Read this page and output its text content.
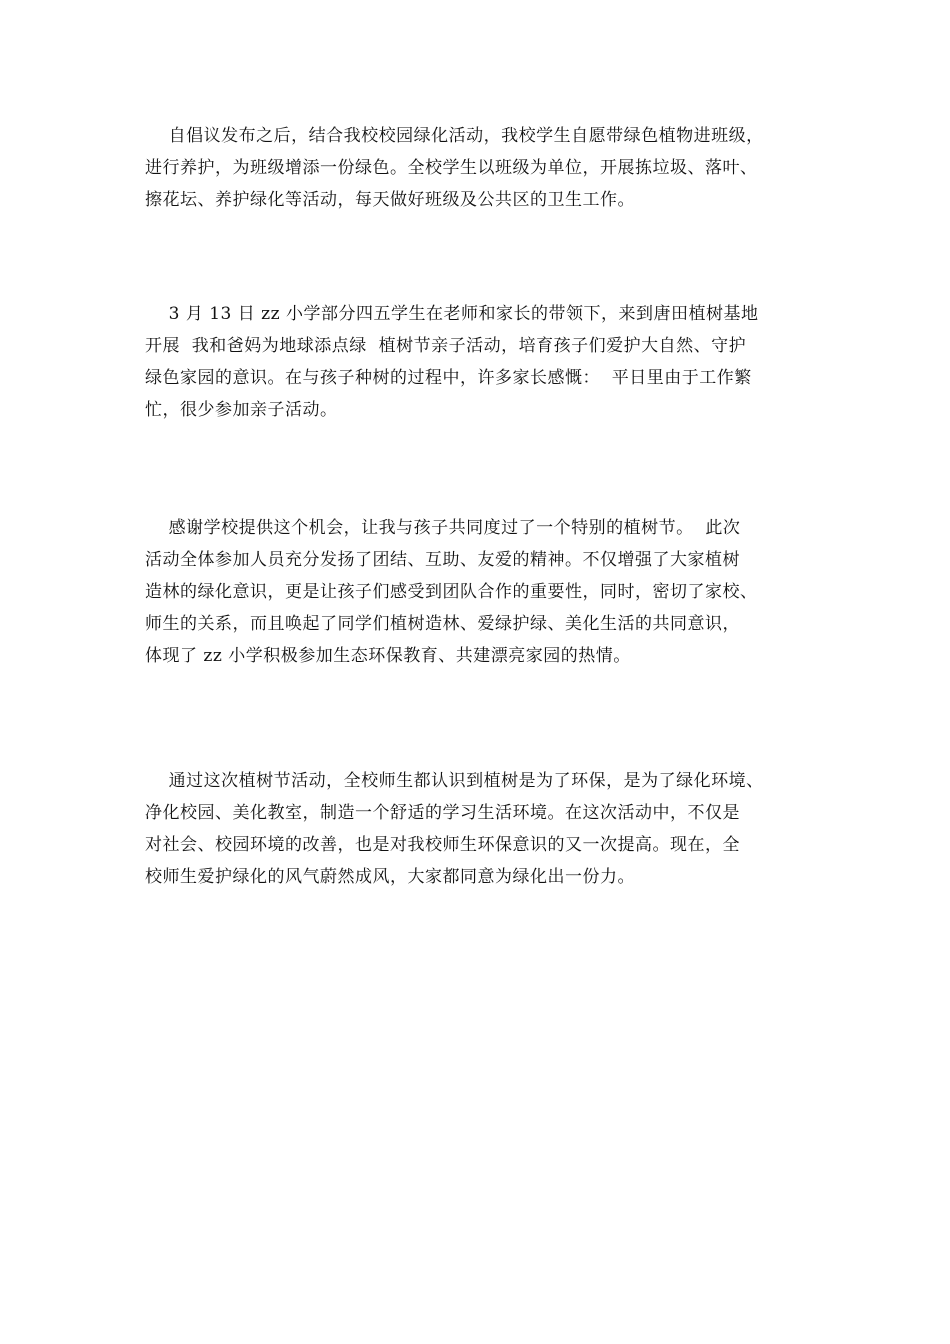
自倡议发布之后，结合我校校园绿化活动，我校学生自愿带绿色植物进班级，
进行养护，为班级增添一份绿色。全校学生以班级为单位，开展拣垃圾、落叶、
擦花坛、养护绿化等活动，每天做好班级及公共区的卫生工作。
3 月 13 日 zz 小学部分四五学生在老师和家长的带领下，来到唐田植树基地
开展  我和爸妈为地球添点绿  植树节亲子活动，培育孩子们爱护大自然、守护
绿色家园的意识。在与孩子种树的过程中，许多家长感慨：  平日里由于工作繁
忙，很少参加亲子活动。
感谢学校提供这个机会，让我与孩子共同度过了一个特别的植树节。  此次
活动全体参加人员充分发扬了团结、互助、友爱的精神。不仅增强了大家植树
造林的绿化意识，更是让孩子们感受到团队合作的重要性，同时，密切了家校、
师生的关系，而且唤起了同学们植树造林、爱绿护绿、美化生活的共同意识，
体现了 zz 小学积极参加生态环保教育、共建漂亮家园的热情。
通过这次植树节活动，全校师生都认识到植树是为了环保，是为了绿化环境、
净化校园、美化教室，制造一个舒适的学习生活环境。在这次活动中，不仅是
对社会、校园环境的改善，也是对我校师生环保意识的又一次提高。现在，全
校师生爱护绿化的风气蔚然成风，大家都同意为绿化出一份力。
